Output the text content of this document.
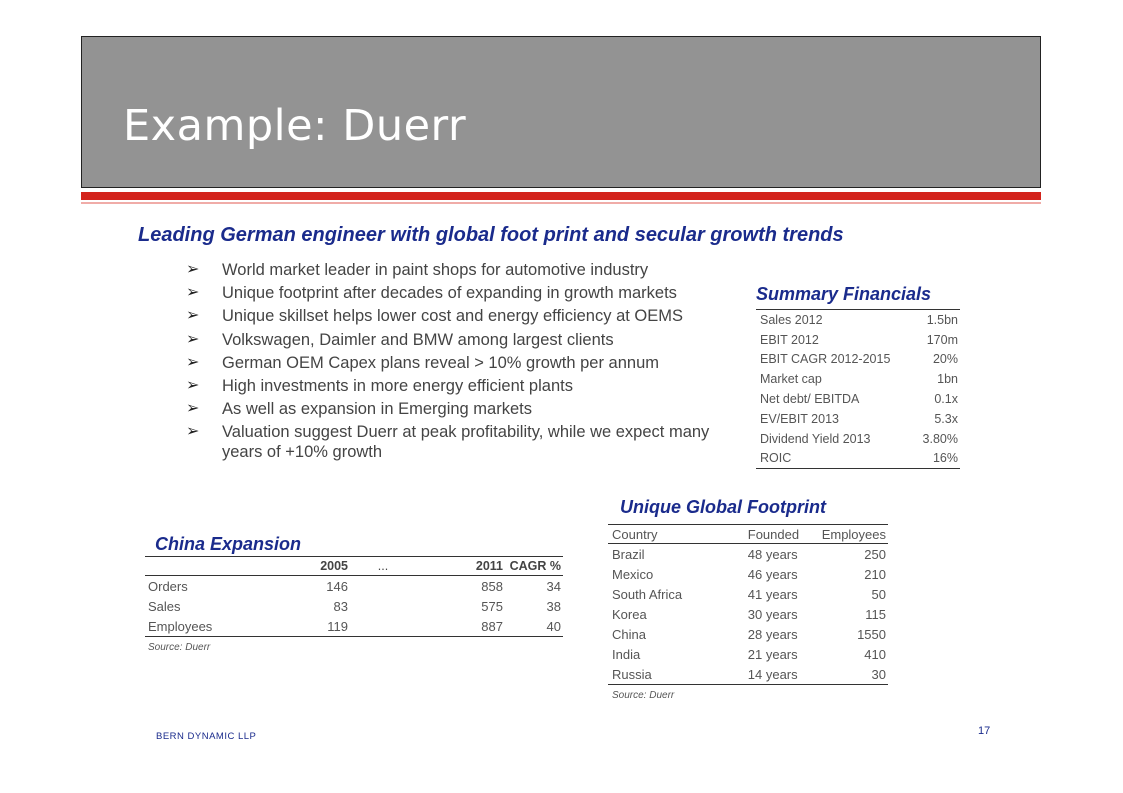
Example: Duerr
Leading German engineer with global foot print and secular growth trends
➢ World market leader in paint shops for automotive industry
➢ Unique footprint after decades of expanding in growth markets
➢ Unique skillset helps lower cost and energy efficiency at OEMS
➢ Volkswagen, Daimler and BMW among largest clients
➢ German OEM Capex plans reveal > 10% growth per annum
➢ High investments in more energy efficient plants
➢ As well as expansion in Emerging markets
➢ Valuation suggest Duerr at peak profitability, while we expect many years of +10% growth
Summary Financials
Sales 2012	1.5bn
EBIT 2012	170m
EBIT CAGR 2012-2015	20%
Market cap	1bn
Net debt/ EBITDA	0.1x
EV/EBIT 2013	5.3x
Dividend Yield 2013	3.80%
ROIC	16%
Unique Global Footprint
Country	Founded	Employees
Brazil	48 years	250
Mexico	46 years	210
South Africa	41 years	50
Korea	30 years	115
China	28 years	1550
India	21 years	410
Russia	14 years	30
Source: Duerr
China Expansion
	2005	...	2011	CAGR %
Orders	146		858	34
Sales	83		575	38
Employees	119		887	40
Source: Duerr
BERN DYNAMIC LLP	17
